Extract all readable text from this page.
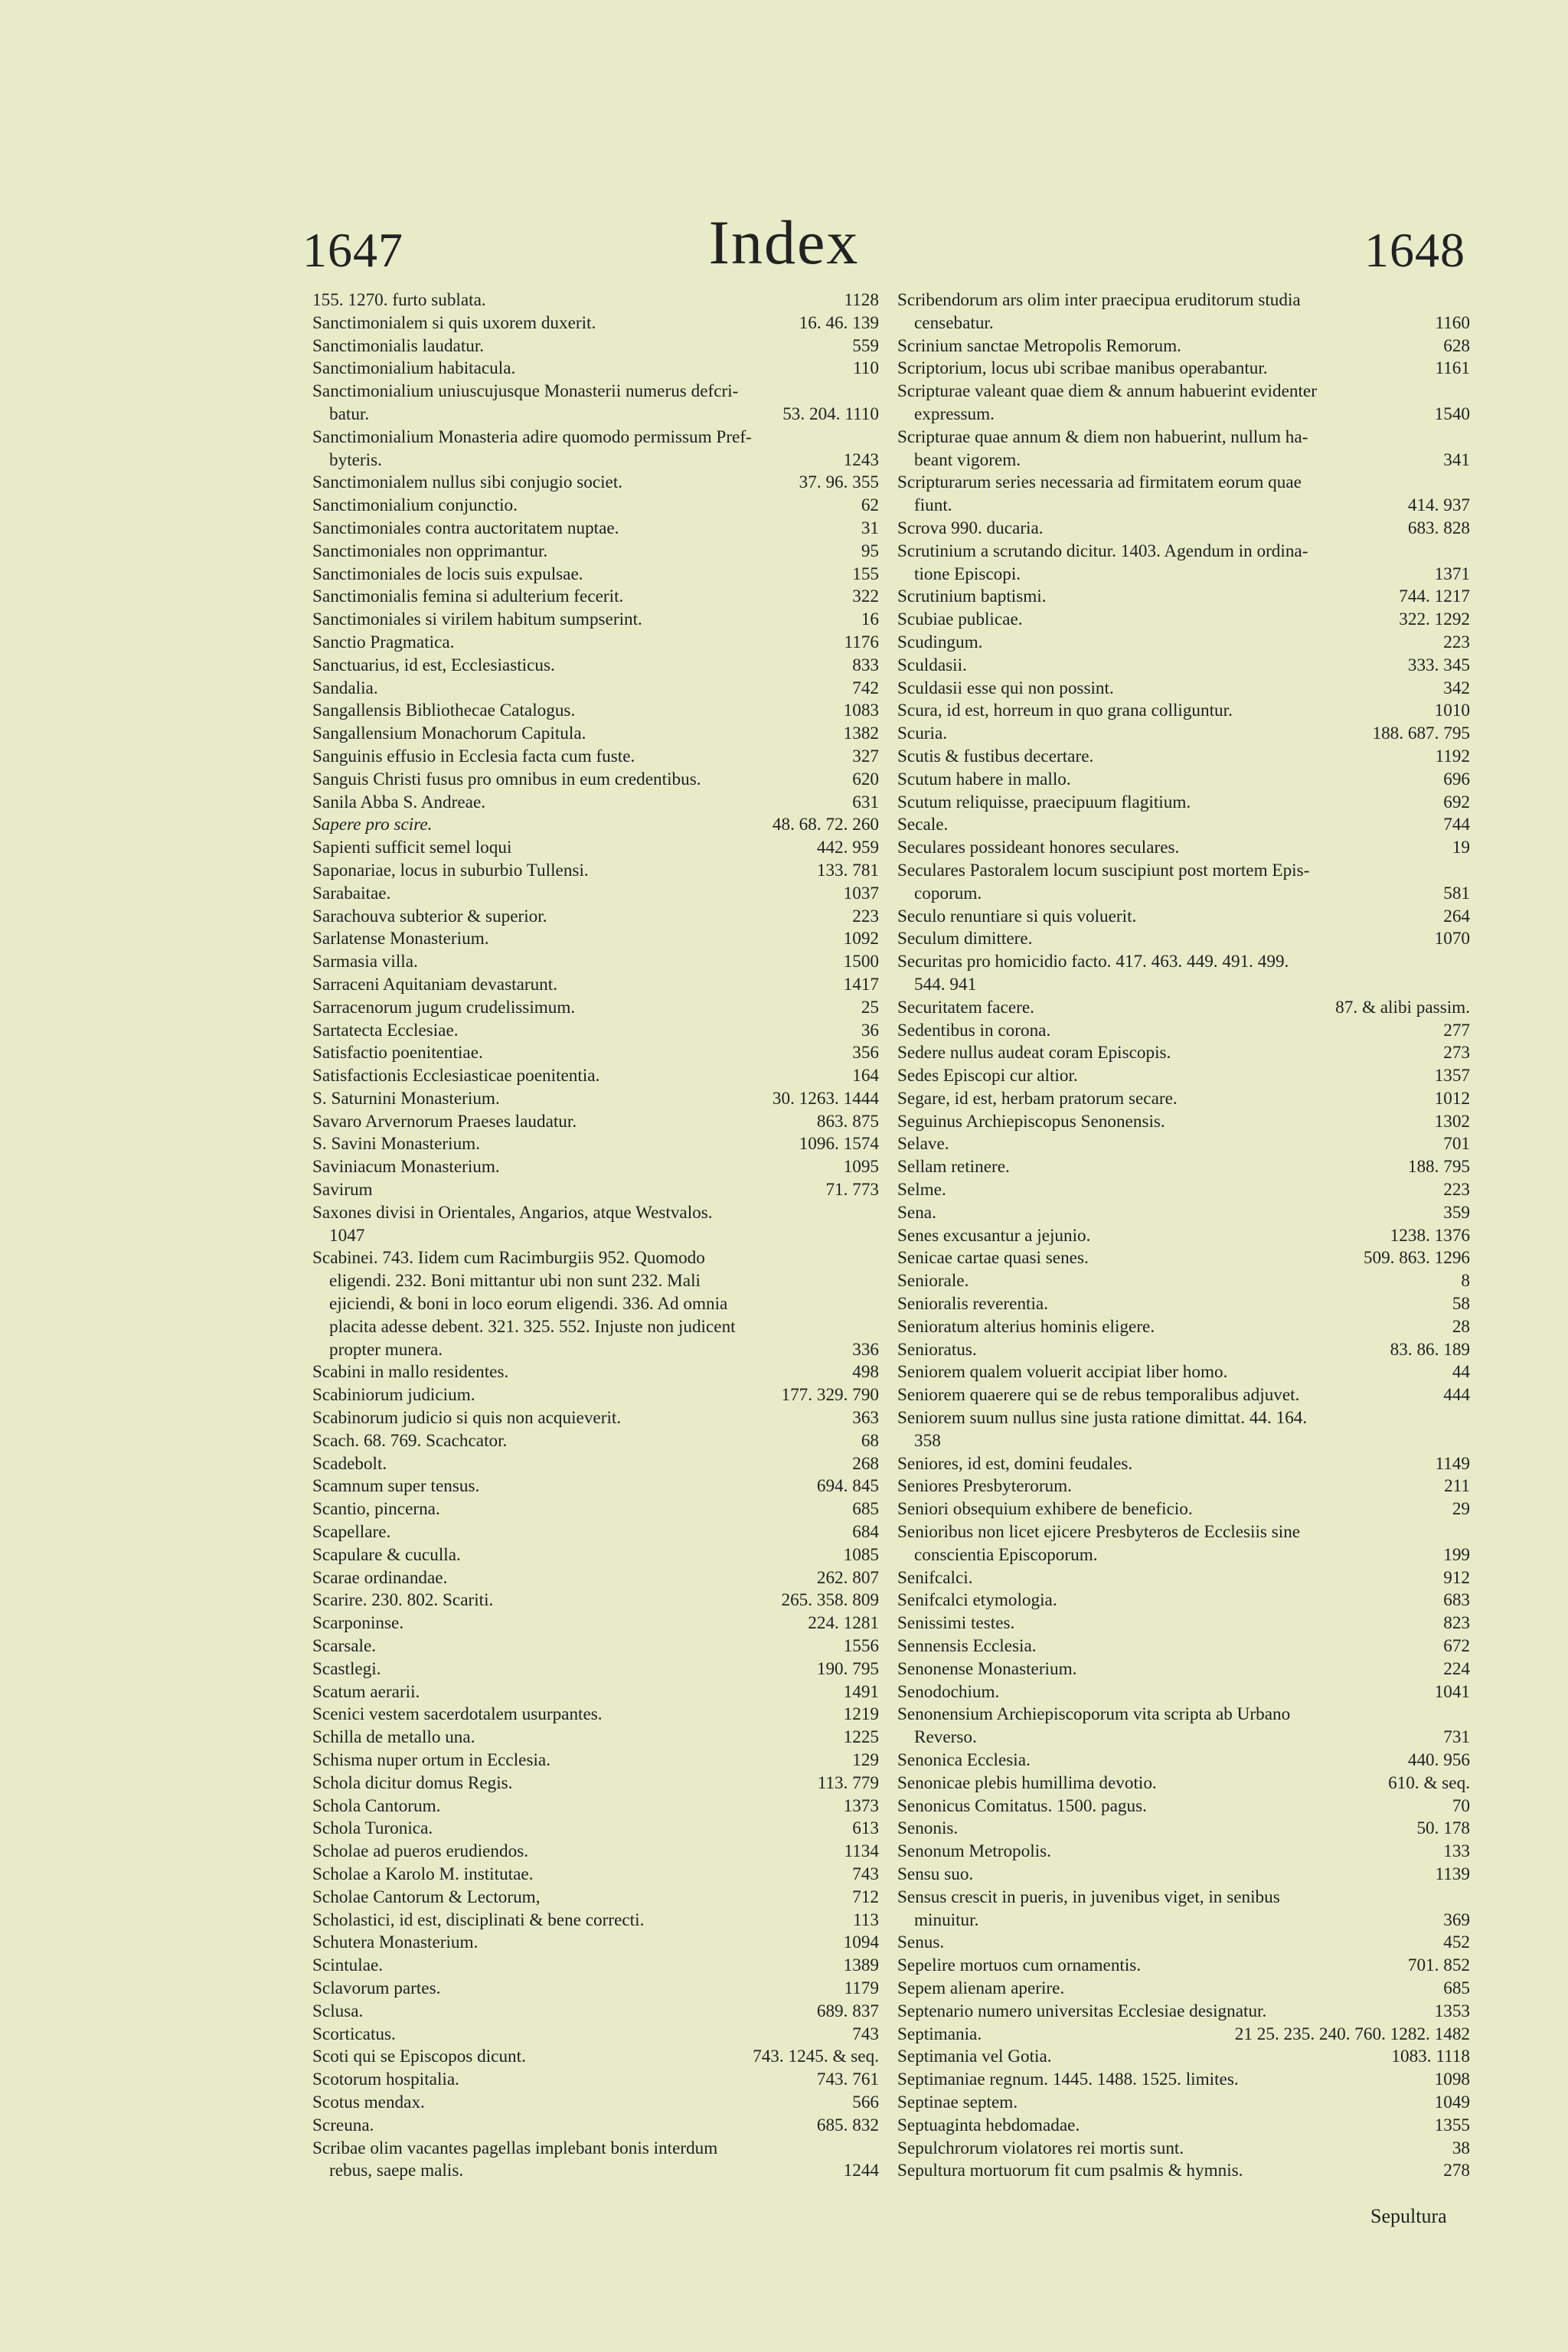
1647	Index	1648
155. 1270. furto sublata.	1128
Sanctimonialem si quis uxorem duxerit.	16. 46. 139
Sanctimonialis laudatur.	559
Sanctimonialium habitacula.	110
Sanctimonialium uniuscujusque Monasterii numerus defcri-
batur.	53. 204. 1110
Sanctimonialium Monasteria adire quomodo permissum Pref-
byteris.	1243
Sanctimonialem nullus sibi conjugio societ.	37. 96. 355
Sanctimonialium conjunctio.	62
Sanctimoniales contra auctoritatem nuptae.	31
Sanctimoniales non opprimantur.	95
Sanctimoniales de locis suis expulsae.	155
Sanctimonialis femina si adulterium fecerit.	322
Sanctimoniales si virilem habitum sumpserint.	16
Sanctio Pragmatica.	1176
Sanctuarius, id est, Ecclesiasticus.	833
Sandalia.	742
Sangallensis Bibliothecae Catalogus.	1083
Sangallensium Monachorum Capitula.	1382
Sanguinis effusio in Ecclesia facta cum fuste.	327
Sanguis Christi fusus pro omnibus in eum credentibus.	620
Sanila Abba S. Andreae.	631
Sapere pro scire.	48. 68. 72. 260
Sapienti sufficit semel loqui	442. 959
Saponariae, locus in suburbio Tullensi.	133. 781
Sarabaitae.	1037
Sarachouva subterior & superior.	223
Sarlatense Monasterium.	1092
Sarmasia villa.	1500
Sarraceni Aquitaniam devastarunt.	1417
Sarracenorum jugum crudelissimum.	25
Sartatecta Ecclesiae.	36
Satisfactio poenitentiae.	356
Satisfactionis Ecclesiasticae poenitentia.	164
S. Saturnini Monasterium.	30. 1263. 1444
Savaro Arvernorum Praeses laudatur.	863. 875
S. Savini Monasterium.	1096. 1574
Saviniacum Monasterium.	1095
Savirum	71. 773
Saxones divisi in Orientales, Angarios, atque Westvalos.
1047
Scabinei. 743. Iidem cum Racimburgiis 952. Quomodo
eligendi. 232. Boni mittantur ubi non sunt 232. Mali
ejiciendi, & boni in loco eorum eligendi. 336. Ad omnia
placita adesse debent. 321. 325. 552. Injuste non judicent
propter munera.	336
Scabini in mallo residentes.	498
Scabiniorum judicium.	177. 329. 790
Scabinorum judicio si quis non acquieverit.	363
Scach. 68. 769. Scachcator.	68
Scadebolt.	268
Scamnum super tensus.	694. 845
Scantio, pincerna.	685
Scapellare.	684
Scapulare & cuculla.	1085
Scarae ordinandae.	262. 807
Scarire. 230. 802. Scariti.	265. 358. 809
Scarponinse.	224. 1281
Scarsale.	1556
Scastlegi.	190. 795
Scatum aerarii.	1491
Scenici vestem sacerdotalem usurpantes.	1219
Schilla de metallo una.	1225
Schisma nuper ortum in Ecclesia.	129
Schola dicitur domus Regis.	113. 779
Schola Cantorum.	1373
Schola Turonica.	613
Scholae ad pueros erudiendos.	1134
Scholae a Karolo M. institutae.	743
Scholae Cantorum & Lectorum,	712
Scholastici, id est, disciplinati & bene correcti.	113
Schutera Monasterium.	1094
Scintulae.	1389
Sclavorum partes.	1179
Sclusa.	689. 837
Scorticatus.	743
Scoti qui se Episcopos dicunt.	743. 1245. & seq.
Scotorum hospitalia.	743. 761
Scotus mendax.	566
Screuna.	685. 832
Scribae olim vacantes pagellas implebant bonis interdum
rebus, saepe malis.	1244
Scribendorum ars olim inter praecipua eruditorum studia
censebatur.	1160
Scrinium sanctae Metropolis Remorum.	628
Scriptorium, locus ubi scribae manibus operabantur.	1161
Scripturae valeant quae diem & annum habuerint evidenter
expressum.	1540
Scripturae quae annum & diem non habuerint, nullum ha-
beant vigorem.	341
Scripturarum series necessaria ad firmitatem eorum quae
fiunt.	414. 937
Scrova 990. ducaria.	683. 828
Scrutinium a scrutando dicitur. 1403. Agendum in ordina-
tione Episcopi.	1371
Scrutinium baptismi.	744. 1217
Scubiae publicae.	322. 1292
Scudingum.	223
Sculdasii.	333. 345
Sculdasii esse qui non possint.	342
Scura, id est, horreum in quo grana colliguntur.	1010
Scuria.	188. 687. 795
Scutis & fustibus decertare.	1192
Scutum habere in mallo.	696
Scutum reliquisse, praecipuum flagitium.	692
Secale.	744
Seculares possideant honores seculares.	19
Seculares Pastoralem locum suscipiunt post mortem Epis-
coporum.	581
Seculo renuntiare si quis voluerit.	264
Seculum dimittere.	1070
Securitas pro homicidio facto. 417. 463. 449. 491. 499.
544. 941
Securitatem facere.	87. & alibi passim.
Sedentibus in corona.	277
Sedere nullus audeat coram Episcopis.	273
Sedes Episcopi cur altior.	1357
Segare, id est, herbam pratorum secare.	1012
Seguinus Archiepiscopus Senonensis.	1302
Selave.	701
Sellam retinere.	188. 795
Selme.	223
Sena.	359
Senes excusantur a jejunio.	1238. 1376
Senicae cartae quasi senes.	509. 863. 1296
Seniorale.	8
Senioralis reverentia.	58
Senioratum alterius hominis eligere.	28
Senioratus.	83. 86. 189
Seniorem qualem voluerit accipiat liber homo.	44
Seniorem quaerere qui se de rebus temporalibus adjuvet.	444
Seniorem suum nullus sine justa ratione dimittat. 44. 164.
358
Seniores, id est, domini feudales.	1149
Seniores Presbyterorum.	211
Seniori obsequium exhibere de beneficio.	29
Senioribus non licet ejicere Presbyteros de Ecclesiis sine
conscientia Episcoporum.	199
Senifcalci.	912
Senifcalci etymologia.	683
Senissimi testes.	823
Sennensis Ecclesia.	672
Senonense Monasterium.	224
Senodochium.	1041
Senonensium Archiepiscoporum vita scripta ab Urbano
Reverso.	731
Senonica Ecclesia.	440. 956
Senonicae plebis humillima devotio.	610. & seq.
Senonicus Comitatus. 1500. pagus.	70
Senonis.	50. 178
Senonum Metropolis.	133
Sensu suo.	1139
Sensus crescit in pueris, in juvenibus viget, in senibus
minuitur.	369
Senus.	452
Sepelire mortuos cum ornamentis.	701. 852
Sepem alienam aperire.	685
Septenario numero universitas Ecclesiae designatur.	1353
Septimania.	21 25. 235. 240. 760. 1282. 1482
Septimania vel Gotia.	1083. 1118
Septimaniae regnum. 1445. 1488. 1525. limites.	1098
Septinae septem.	1049
Septuaginta hebdomadae.	1355
Sepulchrorum violatores rei mortis sunt.	38
Sepultura mortuorum fit cum psalmis & hymnis.	278
Sepultura
